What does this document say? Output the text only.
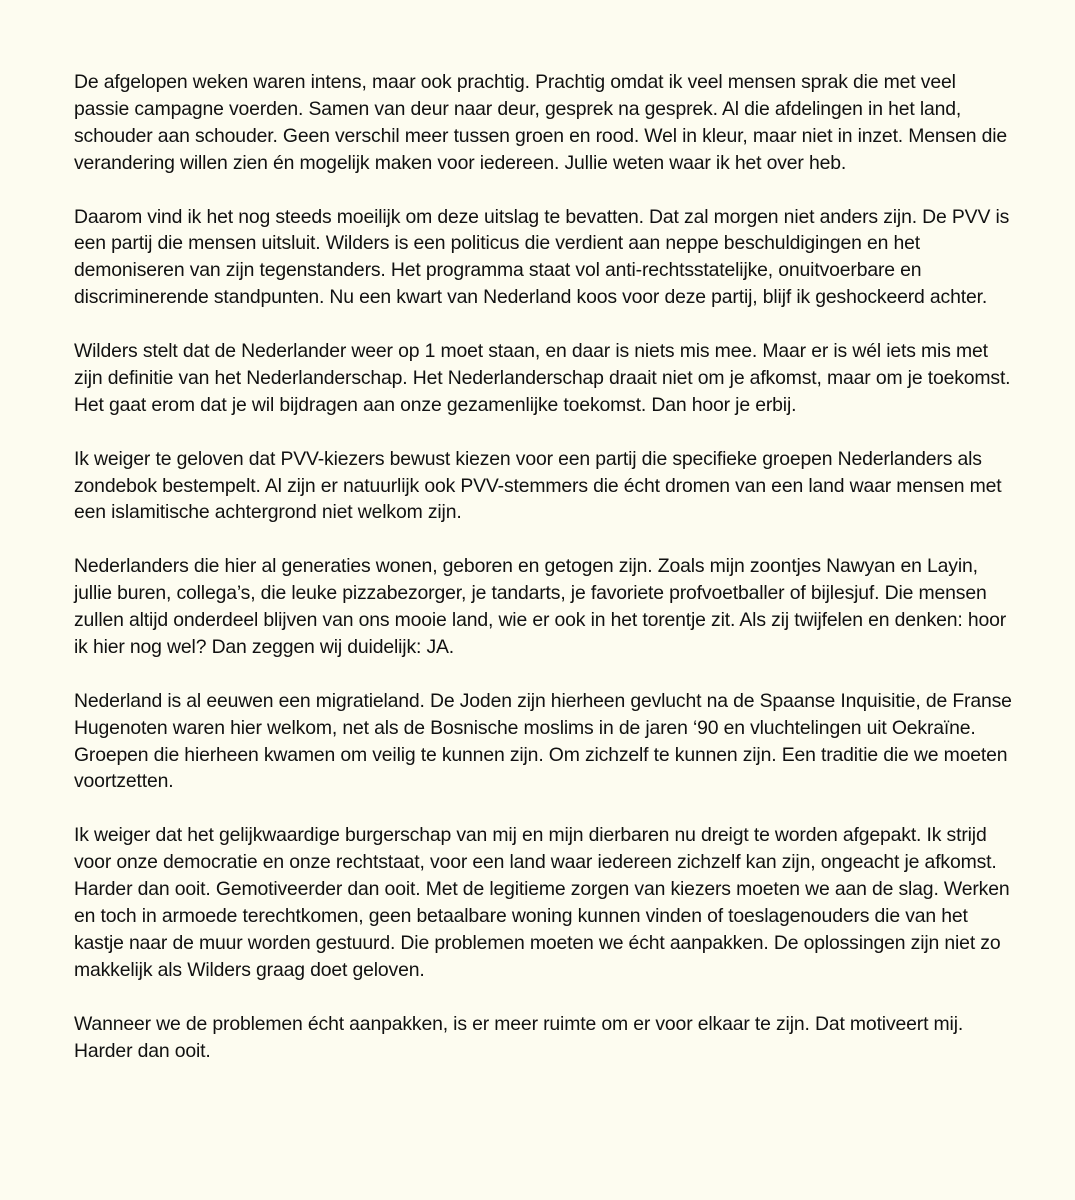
De afgelopen weken waren intens, maar ook prachtig. Prachtig omdat ik veel mensen sprak die met veel passie campagne voerden. Samen van deur naar deur, gesprek na gesprek. Al die afdelingen in het land, schouder aan schouder. Geen verschil meer tussen groen en rood. Wel in kleur, maar niet in inzet. Mensen die verandering willen zien én mogelijk maken voor iedereen. Jullie weten waar ik het over heb.

Daarom vind ik het nog steeds moeilijk om deze uitslag te bevatten. Dat zal morgen niet anders zijn. De PVV is een partij die mensen uitsluit. Wilders is een politicus die verdient aan neppe beschuldigingen en het demoniseren van zijn tegenstanders. Het programma staat vol anti-rechtsstatelijke, onuitvoerbare en discriminerende standpunten. Nu een kwart van Nederland koos voor deze partij, blijf ik geshockeerd achter.

Wilders stelt dat de Nederlander weer op 1 moet staan, en daar is niets mis mee. Maar er is wél iets mis met zijn definitie van het Nederlanderschap. Het Nederlanderschap draait niet om je afkomst, maar om je toekomst. Het gaat erom dat je wil bijdragen aan onze gezamenlijke toekomst. Dan hoor je erbij.

Ik weiger te geloven dat PVV-kiezers bewust kiezen voor een partij die specifieke groepen Nederlanders als zondebok bestempelt. Al zijn er natuurlijk ook PVV-stemmers die écht dromen van een land waar mensen met een islamitische achtergrond niet welkom zijn.

Nederlanders die hier al generaties wonen, geboren en getogen zijn. Zoals mijn zoontjes Nawyan en Layin, jullie buren, collega’s, die leuke pizzabezorger, je tandarts, je favoriete profvoetballer of bijlesjuf. Die mensen zullen altijd onderdeel blijven van ons mooie land, wie er ook in het torentje zit. Als zij twijfelen en denken: hoor ik hier nog wel? Dan zeggen wij duidelijk: JA.

Nederland is al eeuwen een migratieland. De Joden zijn hierheen gevlucht na de Spaanse Inquisitie, de Franse Hugenoten waren hier welkom, net als de Bosnische moslims in de jaren ‘90 en vluchtelingen uit Oekraïne. Groepen die hierheen kwamen om veilig te kunnen zijn. Om zichzelf te kunnen zijn. Een traditie die we moeten voortzetten.

Ik weiger dat het gelijkwaardige burgerschap van mij en mijn dierbaren nu dreigt te worden afgepakt. Ik strijd voor onze democratie en onze rechtstaat, voor een land waar iedereen zichzelf kan zijn, ongeacht je afkomst. Harder dan ooit. Gemotiveerder dan ooit. Met de legitieme zorgen van kiezers moeten we aan de slag. Werken en toch in armoede terechtkomen, geen betaalbare woning kunnen vinden of toeslagenouders die van het kastje naar de muur worden gestuurd. Die problemen moeten we écht aanpakken. De oplossingen zijn niet zo makkelijk als Wilders graag doet geloven.

Wanneer we de problemen écht aanpakken, is er meer ruimte om er voor elkaar te zijn. Dat motiveert mij. Harder dan ooit.
